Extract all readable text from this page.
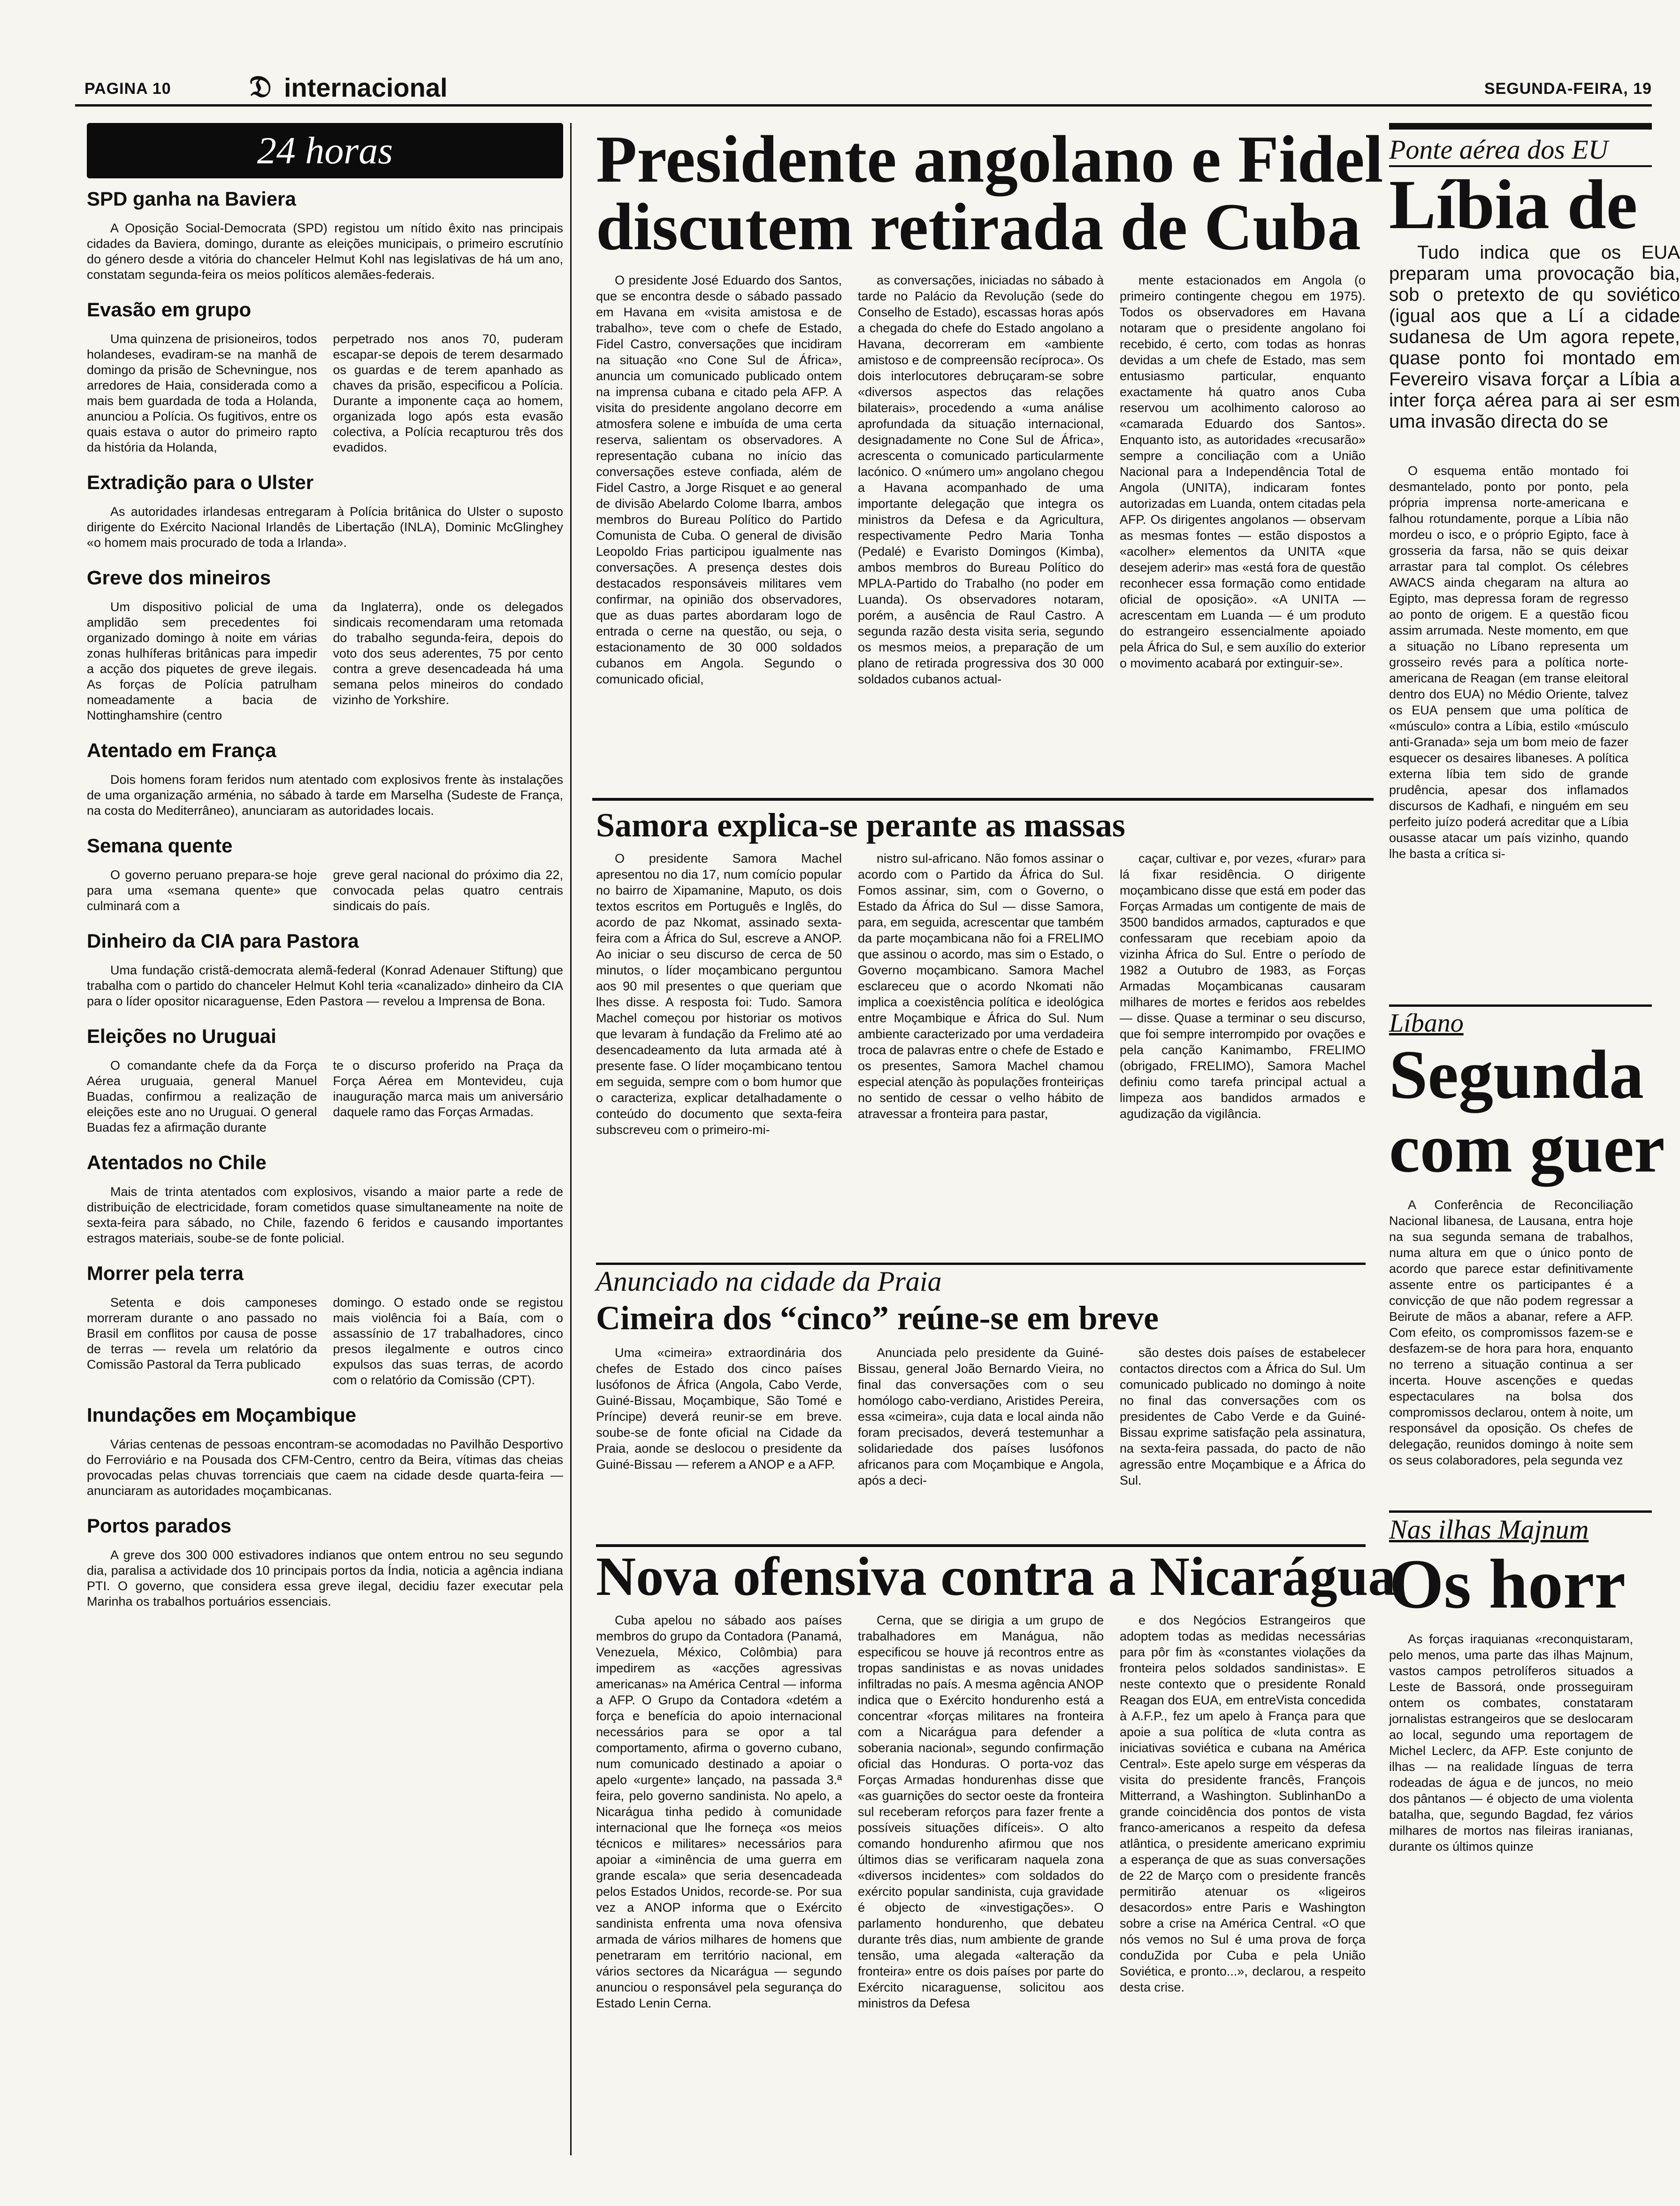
PAGINA 10	𝔇 internacional	SEGUNDA-FEIRA, 19
24 horas
SPD ganha na Baviera

A Oposição Social-Democrata (SPD) registou um nítido êxito nas principais cidades da Baviera, domingo, durante as eleições municipais, o primeiro escrutínio do género desde a vitória do chanceler Helmut Kohl nas legislativas de há um ano, constatam segunda-feira os meios políticos alemães-federais.

Evasão em grupo

Uma quinzena de prisioneiros, todos holandeses, evadiram-se na manhã de domingo da prisão de Schevningue, nos arredores de Haia, considerada como a mais bem guardada de toda a Holanda, anunciou a Polícia. Os fugitivos, entre os quais estava o autor do primeiro rapto da história da Holanda,

perpetrado nos anos 70, puderam escapar-se depois de terem desarmado os guardas e de terem apanhado as chaves da prisão, especificou a Polícia. Durante a imponente caça ao homem, organizada logo após esta evasão colectiva, a Polícia recapturou três dos evadidos.

Extradição para o Ulster

As autoridades irlandesas entregaram à Polícia britânica do Ulster o suposto dirigente do Exército Nacional Irlandês de Libertação (INLA), Dominic McGlinghey «o homem mais procurado de toda a Irlanda».

Greve dos mineiros

Um dispositivo policial de uma amplidão sem precedentes foi organizado domingo à noite em várias zonas hulhíferas britânicas para impedir a acção dos piquetes de greve ilegais. As forças de Polícia patrulham nomeadamente a bacia de Nottinghamshire (centro

da Inglaterra), onde os delegados sindicais recomendaram uma retomada do trabalho segunda-feira, depois do voto dos seus aderentes, 75 por cento contra a greve desencadeada há uma semana pelos mineiros do condado vizinho de Yorkshire.

Atentado em França

Dois homens foram feridos num atentado com explosivos frente às instalações de uma organização arménia, no sábado à tarde em Marselha (Sudeste de França, na costa do Mediterrâneo), anunciaram as autoridades locais.

Semana quente

O governo peruano prepara-se hoje para uma «semana quente» que culminará com a

greve geral nacional do próximo dia 22, convocada pelas quatro centrais sindicais do país.

Dinheiro da CIA para Pastora

Uma fundação cristã-democrata alemã-federal (Konrad Adenauer Stiftung) que trabalha com o partido do chanceler Helmut Kohl teria «canalizado» dinheiro da CIA para o líder opositor nicaraguense, Eden Pastora — revelou a Imprensa de Bona.

Eleições no Uruguai

O comandante chefe da da Força Aérea uruguaia, general Manuel Buadas, confirmou a realização de eleições este ano no Uruguai. O general Buadas fez a afirmação durante

te o discurso proferido na Praça da Força Aérea em Montevideu, cuja inauguração marca mais um aniversário daquele ramo das Forças Armadas.

Atentados no Chile

Mais de trinta atentados com explosivos, visando a maior parte a rede de distribuição de electricidade, foram cometidos quase simultaneamente na noite de sexta-feira para sábado, no Chile, fazendo 6 feridos e causando importantes estragos materiais, soube-se de fonte policial.

Morrer pela terra

Setenta e dois camponeses morreram durante o ano passado no Brasil em conflitos por causa de posse de terras — revela um relatório da Comissão Pastoral da Terra publicado

domingo. O estado onde se registou mais violência foi a Baía, com o assassínio de 17 trabalhadores, cinco presos ilegalmente e outros cinco expulsos das suas terras, de acordo com o relatório da Comissão (CPT).

Inundações em Moçambique

Várias centenas de pessoas encontram-se acomodadas no Pavilhão Desportivo do Ferroviário e na Pousada dos CFM-Centro, centro da Beira, vítimas das cheias provocadas pelas chuvas torrenciais que caem na cidade desde quarta-feira — anunciaram as autoridades moçambicanas.

Portos parados

A greve dos 300 000 estivadores indianos que ontem entrou no seu segundo dia, paralisa a actividade dos 10 principais portos da Índia, noticia a agência indiana PTI. O governo, que considera essa greve ilegal, decidiu fazer executar pela Marinha os trabalhos portuários essenciais.

Presidente angolano e Fidel

discutem retirada de Cuba

O presidente José Eduardo dos Santos, que se encontra desde o sábado passado em Havana em «visita amistosa e de trabalho», teve com o chefe de Estado, Fidel Castro, conversações que incidiram na situação «no Cone Sul de África», anuncia um comunicado publicado ontem na imprensa cubana e citado pela AFP. A visita do presidente angolano decorre em atmosfera solene e imbuída de uma certa reserva, salientam os observadores. A representação cubana no início das conversações esteve confiada, além de Fidel Castro, a Jorge Risquet e ao general de divisão Abelardo Colome Ibarra, ambos membros do Bureau Político do Partido Comunista de Cuba. O general de divisão Leopoldo Frias participou igualmente nas conversações. A presença destes dois destacados responsáveis militares vem confirmar, na opinião dos observadores, que as duas partes abordaram logo de entrada o cerne na questão, ou seja, o estacionamento de 30 000 soldados cubanos em Angola. Segundo o comunicado oficial,

as conversações, iniciadas no sábado à tarde no Palácio da Revolução (sede do Conselho de Estado), escassas horas após a chegada do chefe do Estado angolano a Havana, decorreram em «ambiente amistoso e de compreensão recíproca». Os dois interlocutores debruçaram-se sobre «diversos aspectos das relações bilaterais», procedendo a «uma análise aprofundada da situação internacional, designadamente no Cone Sul de África», acrescenta o comunicado particularmente lacónico. O «número um» angolano chegou a Havana acompanhado de uma importante delegação que integra os ministros da Defesa e da Agricultura, respectivamente Pedro Maria Tonha (Pedalé) e Evaristo Domingos (Kimba), ambos membros do Bureau Político do MPLA-Partido do Trabalho (no poder em Luanda). Os observadores notaram, porém, a ausência de Raul Castro. A segunda razão desta visita seria, segundo os mesmos meios, a preparação de um plano de retirada progressiva dos 30 000 soldados cubanos actual-

mente estacionados em Angola (o primeiro contingente chegou em 1975). Todos os observadores em Havana notaram que o presidente angolano foi recebido, é certo, com todas as honras devidas a um chefe de Estado, mas sem entusiasmo particular, enquanto exactamente há quatro anos Cuba reservou um acolhimento caloroso ao «camarada Eduardo dos Santos». Enquanto isto, as autoridades «recusarão» sempre a conciliação com a União Nacional para a Independência Total de Angola (UNITA), indicaram fontes autorizadas em Luanda, ontem citadas pela AFP. Os dirigentes angolanos — observam as mesmas fontes — estão dispostos a «acolher» elementos da UNITA «que desejem aderir» mas «está fora de questão reconhecer essa formação como entidade oficial de oposição». «A UNITA — acrescentam em Luanda — é um produto do estrangeiro essencialmente apoiado pela África do Sul, e sem auxílio do exterior o movimento acabará por extinguir-se».

Samora explica-se perante as massas

O presidente Samora Machel apresentou no dia 17, num comício popular no bairro de Xipamanine, Maputo, os dois textos escritos em Português e Inglês, do acordo de paz Nkomat, assinado sexta-feira com a África do Sul, escreve a ANOP. Ao iniciar o seu discurso de cerca de 50 minutos, o líder moçambicano perguntou aos 90 mil presentes o que queriam que lhes disse. A resposta foi: Tudo. Samora Machel começou por historiar os motivos que levaram à fundação da Frelimo até ao desencadeamento da luta armada até à presente fase. O líder moçambicano tentou em seguida, sempre com o bom humor que o caracteriza, explicar detalhadamente o conteúdo do documento que sexta-feira subscreveu com o primeiro-mi-

nistro sul-africano. Não fomos assinar o acordo com o Partido da África do Sul. Fomos assinar, sim, com o Governo, o Estado da África do Sul — disse Samora, para, em seguida, acrescentar que também da parte moçambicana não foi a FRELIMO que assinou o acordo, mas sim o Estado, o Governo moçambicano. Samora Machel esclareceu que o acordo Nkomati não implica a coexistência política e ideológica entre Moçambique e África do Sul. Num ambiente caracterizado por uma verdadeira troca de palavras entre o chefe de Estado e os presentes, Samora Machel chamou especial atenção às populações fronteiriças no sentido de cessar o velho hábito de atravessar a fronteira para pastar,

caçar, cultivar e, por vezes, «furar» para lá fixar residência. O dirigente moçambicano disse que está em poder das Forças Armadas um contigente de mais de 3500 bandidos armados, capturados e que confessaram que recebiam apoio da vizinha África do Sul. Entre o período de 1982 a Outubro de 1983, as Forças Armadas Moçambicanas causaram milhares de mortes e feridos aos rebeldes — disse. Quase a terminar o seu discurso, que foi sempre interrompido por ovações e pela canção Kanimambo, FRELIMO (obrigado, FRELIMO), Samora Machel definiu como tarefa principal actual a limpeza aos bandidos armados e agudização da vigilância.

Anunciado na cidade da Praia

Cimeira dos “cinco” reúne-se em breve

Uma «cimeira» extraordinária dos chefes de Estado dos cinco países lusófonos de África (Angola, Cabo Verde, Guiné-Bissau, Moçambique, São Tomé e Príncipe) deverá reunir-se em breve. soube-se de fonte oficial na Cidade da Praia, aonde se deslocou o presidente da Guiné-Bissau — referem a ANOP e a AFP.

Anunciada pelo presidente da Guiné-Bissau, general João Bernardo Vieira, no final das conversações com o seu homólogo cabo-verdiano, Aristides Pereira, essa «cimeira», cuja data e local ainda não foram precisados, deverá testemunhar a solidariedade dos países lusófonos africanos para com Moçambique e Angola, após a deci-

são destes dois países de estabelecer contactos directos com a África do Sul. Um comunicado publicado no domingo à noite no final das conversações com os presidentes de Cabo Verde e da Guiné-Bissau exprime satisfação pela assinatura, na sexta-feira passada, do pacto de não agressão entre Moçambique e a África do Sul.

Nova ofensiva contra a Nicarágua

Cuba apelou no sábado aos países membros do grupo da Contadora (Panamá, Venezuela, México, Colômbia) para impedirem as «acções agressivas americanas» na América Central — informa a AFP. O Grupo da Contadora «detém a força e benefícia do apoio internacional necessários para se opor a tal comportamento, afirma o governo cubano, num comunicado destinado a apoiar o apelo «urgente» lançado, na passada 3.ª feira, pelo governo sandinista. No apelo, a Nicarágua tinha pedido à comunidade internacional que lhe forneça «os meios técnicos e militares» necessários para apoiar a «iminência de uma guerra em grande escala» que seria desencadeada pelos Estados Unidos, recorde-se. Por sua vez a ANOP informa que o Exército sandinista enfrenta uma nova ofensiva armada de vários milhares de homens que penetraram em território nacional, em vários sectores da Nicarágua — segundo anunciou o responsável pela segurança do Estado Lenin Cerna.

Cerna, que se dirigia a um grupo de trabalhadores em Manágua, não especificou se houve já recontros entre as tropas sandinistas e as novas unidades infiltradas no país. A mesma agência ANOP indica que o Exército hondurenho está a concentrar «forças militares na fronteira com a Nicarágua para defender a soberania nacional», segundo confirmação oficial das Honduras. O porta-voz das Forças Armadas hondurenhas disse que «as guarnições do sector oeste da fronteira sul receberam reforços para fazer frente a possíveis situações difíceis». O alto comando hondurenho afirmou que nos últimos dias se verificaram naquela zona «diversos incidentes» com soldados do exército popular sandinista, cuja gravidade é objecto de «investigações». O parlamento hondurenho, que debateu durante três dias, num ambiente de grande tensão, uma alegada «alteração da fronteira» entre os dois países por parte do Exército nicaraguense, solicitou aos ministros da Defesa

e dos Negócios Estrangeiros que adoptem todas as medidas necessárias para pôr fim às «constantes violações da fronteira pelos soldados sandinistas». E neste contexto que o presidente Ronald Reagan dos EUA, em entreVista concedida à A.F.P., fez um apelo à França para que apoie a sua política de «luta contra as iniciativas soviética e cubana na América Central». Este apelo surge em vésperas da visita do presidente francês, François Mitterrand, a Washington. SublinhanDo a grande coincidência dos pontos de vista franco-americanos a respeito da defesa atlântica, o presidente americano exprimiu a esperança de que as suas conversações de 22 de Março com o presidente francês permitirão atenuar os «ligeiros desacordos» entre Paris e Washington sobre a crise na América Central. «O que nós vemos no Sul é uma prova de força conduZida por Cuba e pela União Soviética, e pronto...», declarou, a respeito desta crise.

Ponte aérea dos EU

Líbia de

Tudo indica que os EUA preparam uma provocação bia, sob o pretexto de qu soviético (igual aos que a Lí a cidade sudanesa de Um agora repete, quase ponto foi montado em Fevereiro visava forçar a Líbia a inter força aérea para ai ser esm uma invasão directa do se

O esquema então montado foi desmantelado, ponto por ponto, pela própria imprensa norte-americana e falhou rotundamente, porque a Líbia não mordeu o isco, e o próprio Egipto, face à grosseria da farsa, não se quis deixar arrastar para tal complot. Os célebres AWACS ainda chegaram na altura ao Egipto, mas depressa foram de regresso ao ponto de origem. E a questão ficou assim arrumada. Neste momento, em que a situação no Líbano representa um grosseiro revés para a política norte-americana de Reagan (em transe eleitoral dentro dos EUA) no Médio Oriente, talvez os EUA pensem que uma política de «músculo» contra a Líbia, estilo «músculo anti-Granada» seja um bom meio de fazer esquecer os desaires libaneses. A política externa líbia tem sido de grande prudência, apesar dos inflamados discursos de Kadhafi, e ninguém em seu perfeito juízo poderá acreditar que a Líbia ousasse atacar um país vizinho, quando lhe basta a crítica si-

Líbano

Segunda

com guer

A Conferência de Reconciliação Nacional libanesa, de Lausana, entra hoje na sua segunda semana de trabalhos, numa altura em que o único ponto de acordo que parece estar definitivamente assente entre os participantes é a convicção de que não podem regressar a Beirute de mãos a abanar, refere a AFP. Com efeito, os compromissos fazem-se e desfazem-se de hora para hora, enquanto no terreno a situação continua a ser incerta. Houve ascenções e quedas espectaculares na bolsa dos compromissos declarou, ontem à noite, um responsável da oposição. Os chefes de delegação, reunidos domingo à noite sem os seus colaboradores, pela segunda vez

Nas ilhas Majnum

Os horr

As forças iraquianas «reconquistaram, pelo menos, uma parte das ilhas Majnum, vastos campos petrolíferos situados a Leste de Bassorá, onde prosseguiram ontem os combates, constataram jornalistas estrangeiros que se deslocaram ao local, segundo uma reportagem de Michel Leclerc, da AFP. Este conjunto de ilhas — na realidade línguas de terra rodeadas de água e de juncos, no meio dos pântanos — é objecto de uma violenta batalha, que, segundo Bagdad, fez vários milhares de mortos nas fileiras iranianas, durante os últimos quinze
